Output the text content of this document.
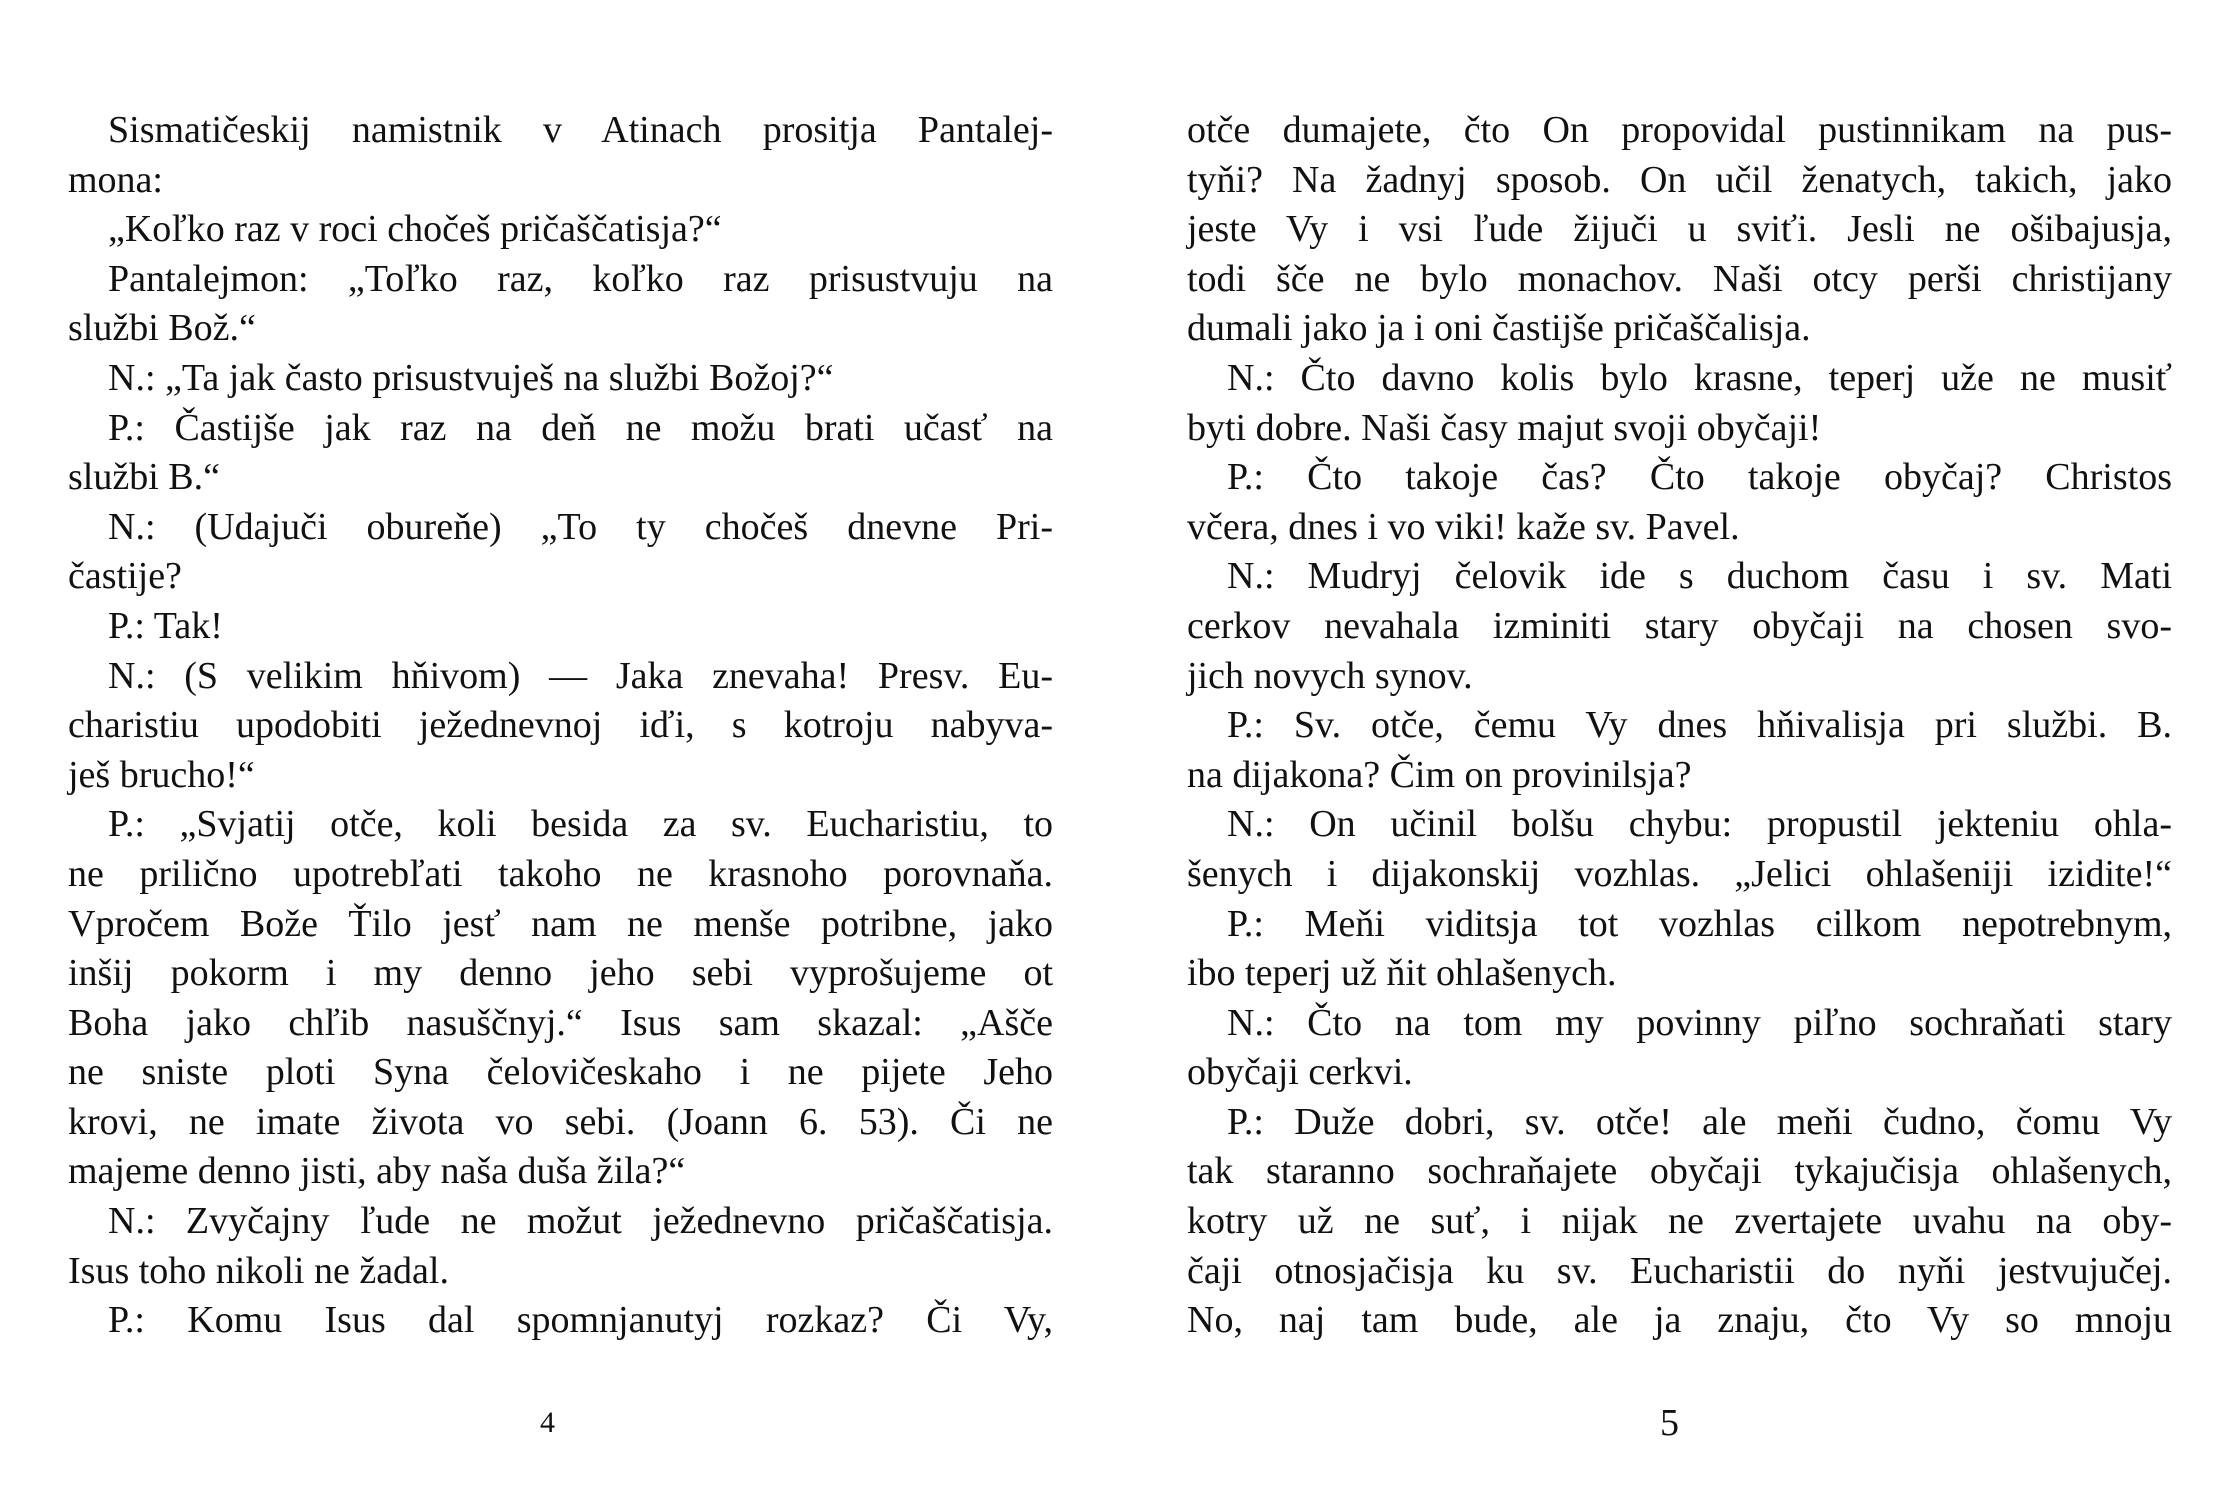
Sismatičeskij namistnik v Atinach prositja Pantalej-
mona:
„Koľko raz v roci chočeš pričaščatisja?“
Pantalejmon: „Toľko raz, koľko raz prisustvuju na
službi Bož.“
N.: „Ta jak často prisustvuješ na službi Božoj?“
P.: Častijše jak raz na deň ne možu brati učasť na
službi B.“
N.: (Udajuči obureňe) „To ty chočeš dnevne Pri-
častije?
P.: Tak!
N.: (S velikim hňivom) — Jaka znevaha! Presv. Eu-
charistiu upodobiti ježednevnoj iďi, s kotroju nabyva-
ješ brucho!“
P.: „Svjatij otče, koli besida za sv. Eucharistiu, to
ne priličnо upotrebľati takoho ne krasnoho porovnaňa.
Vpročem Bože Ťilo jesť nam ne menše potribne, jako
inšij pokorm i my denno jeho sebi vyprošujeme ot
Boha jako chľib nasuščnyj.“ Isus sam skazal: „Ašče
ne sniste ploti Syna čelovičeskaho i ne pijete Jeho
krovi, ne imate života vo sebi. (Joann 6. 53). Či ne
majeme denno jisti, aby naša duša žila?“
N.: Zvyčajny ľude ne možut ježednevno pričaščatisja.
Isus toho nikoli ne žadal.
P.: Komu Isus dal spomnjanutyj rozkaz? Či Vy,
otče dumajete, čto On propovidal pustinnikam na pus-
tyňi? Na žadnyj sposob. On učil ženatych, takich, jako
jeste Vy i vsi ľude žijuči u sviťi. Jesli ne ošibajusja,
todi šče ne bylo monachov. Naši otcy perši christijany
dumali jako ja i oni častijše pričaščalisja.
N.: Čto davno kolis bylo krasne, teperj uže ne musiť
byti dobre. Naši časy majut svoji obyčaji!
P.: Čto takoje čas? Čto takoje obyčaj? Christos
včera, dnes i vo viki! kaže sv. Pavel.
N.: Mudryj čelovik ide s duchom času i sv. Mati
cerkov nevahala izminiti stary obyčaji na chosen svo-
jich novych synov.
P.: Sv. otče, čemu Vy dnes hňivalisja pri službi. B.
na dijakona? Čim on provinilsja?
N.: On učinil bolšu chybu: propustil jekteniu ohla-
šenych i dijakonskij vozhlas. „Jelici ohlašeniji izidite!“
P.: Meňi viditsja tot vozhlas cilkom nepotrebnym,
ibo teperj už ňit ohlašenych.
N.: Čto na tom my povinny piľno sochraňati stary
obyčaji cerkvi.
P.: Duže dobri, sv. otče! ale meňi čudno, čomu Vy
tak staranno sochraňajete obyčaji tykajučisja ohlašenych,
kotry už ne suť, i nijak ne zvertajete uvahu na oby-
čaji otnosjačisja ku sv. Eucharistii do nyňi jestvujučej.
No, naj tam bude, ale ja znaju, čto Vy so mnoju
4	5
